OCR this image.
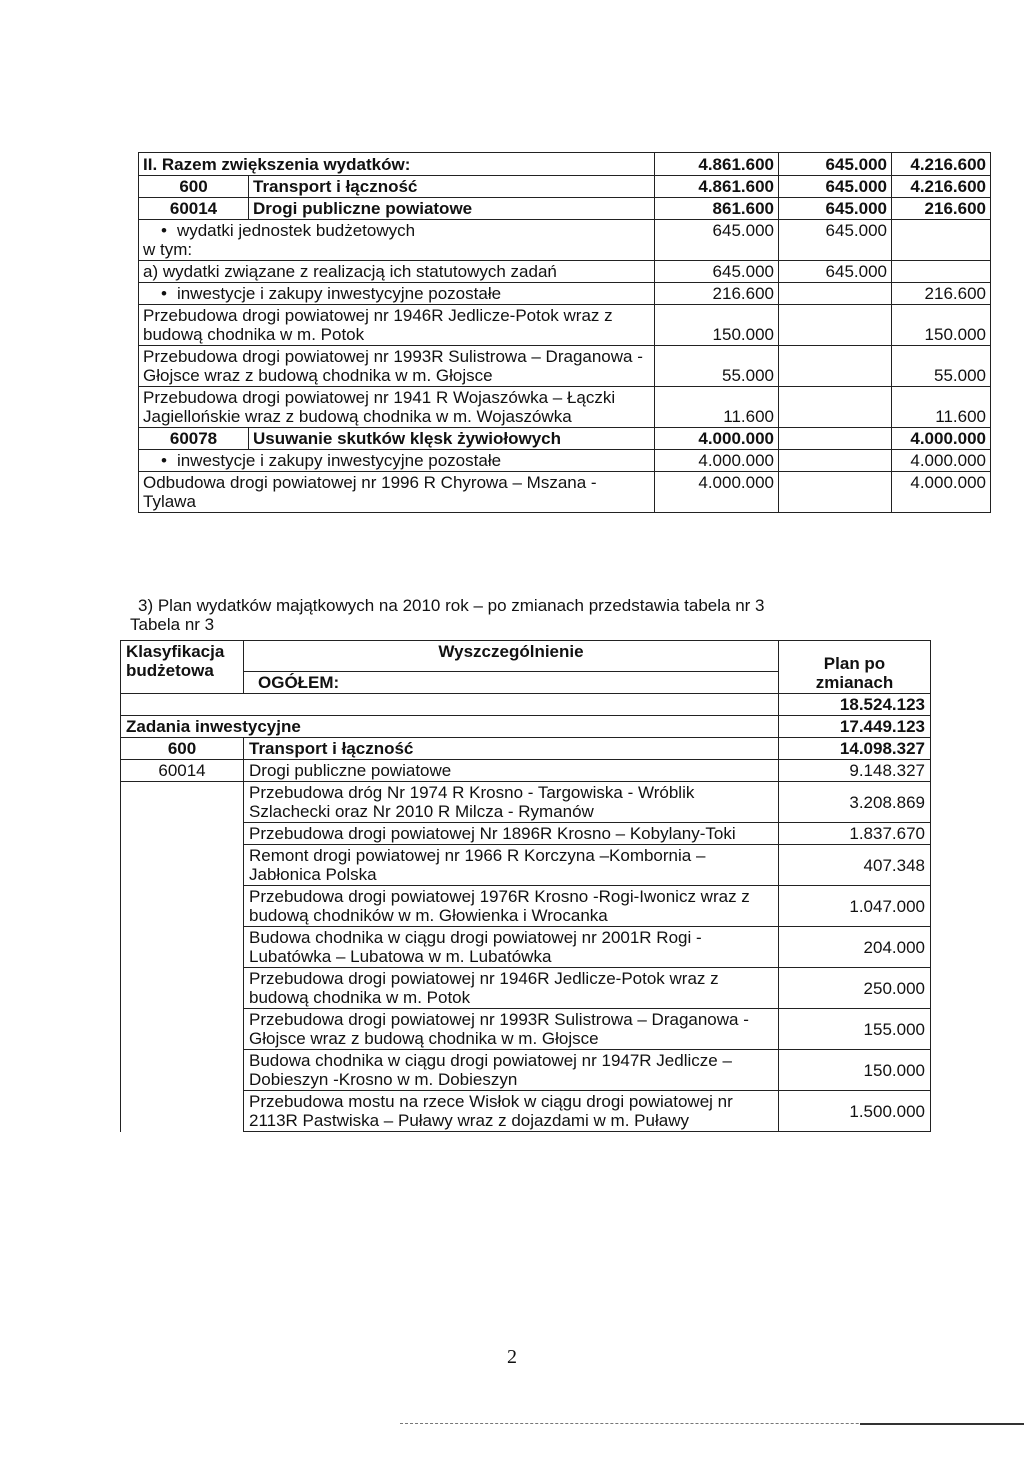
II. Razem zwiększenia wydatków:		4.861.600	645.000	4.216.600
600	Transport i łączność	4.861.600	645.000	4.216.600
60014	Drogi publiczne powiatowe	861.600	645.000	216.600

• wydatki jednostek budżetowych
w tym:		645.000	645.000	
a) wydatki związane z realizacją ich statutowych zadań		645.000	645.000	
• inwestycje i zakupy inwestycyjne pozostałe		216.600		216.600
Przebudowa drogi powiatowej nr 1946R Jedlicze-Potok wraz z budową chodnika w m. Potok		150.000		150.000
Przebudowa drogi powiatowej nr 1993R Sulistrowa – Draganowa -Głojsce wraz z budową chodnika w m. Głojsce		55.000		55.000
Przebudowa drogi powiatowej nr 1941 R Wojaszówka – Łączki Jagiellońskie wraz z budową chodnika w m. Wojaszówka		11.600		11.600
60078	Usuwanie skutków klęsk żywiołowych	4.000.000		4.000.000
• inwestycje i zakupy inwestycyjne pozostałe		4.000.000		4.000.000
Odbudowa drogi powiatowej nr 1996 R Chyrowa – Mszana - Tylawa		4.000.000		4.000.000
3) Plan wydatków majątkowych na 2010 rok – po zmianach przedstawia tabela nr 3
Tabela nr 3
Klasyfikacja budżetowa	Wyszczególnienie	Plan po zmianach
	OGÓŁEM:	
		18.524.123
Zadania inwestycyjne		17.449.123
600	Transport i łączność	14.098.327
60014	Drogi publiczne powiatowe	9.148.327
	Przebudowa dróg Nr 1974 R Krosno - Targowiska - Wróblik Szlachecki oraz Nr 2010 R Milcza - Rymanów	3.208.869
	Przebudowa drogi powiatowej Nr 1896R Krosno – Kobylany-Toki	1.837.670
	Remont drogi powiatowej nr 1966 R Korczyna –Kombornia –Jabłonica Polska	407.348
	Przebudowa drogi powiatowej 1976R Krosno -Rogi-Iwonicz wraz z budową chodników w m. Głowienka i Wrocanka	1.047.000
	Budowa chodnika w ciągu drogi powiatowej nr 2001R Rogi -Lubatówka – Lubatowa w m. Lubatówka	204.000
	Przebudowa drogi powiatowej nr 1946R Jedlicze-Potok wraz z budową chodnika w m. Potok	250.000
	Przebudowa drogi powiatowej nr 1993R Sulistrowa – Draganowa -Głojsce wraz z budową chodnika w m. Głojsce	155.000
	Budowa chodnika w ciągu drogi powiatowej nr 1947R Jedlicze –Dobieszyn -Krosno w m. Dobieszyn	150.000
	Przebudowa mostu na rzece Wisłok w ciągu drogi powiatowej nr 2113R Pastwiska – Puławy wraz z dojazdami w m. Puławy	1.500.000
2
